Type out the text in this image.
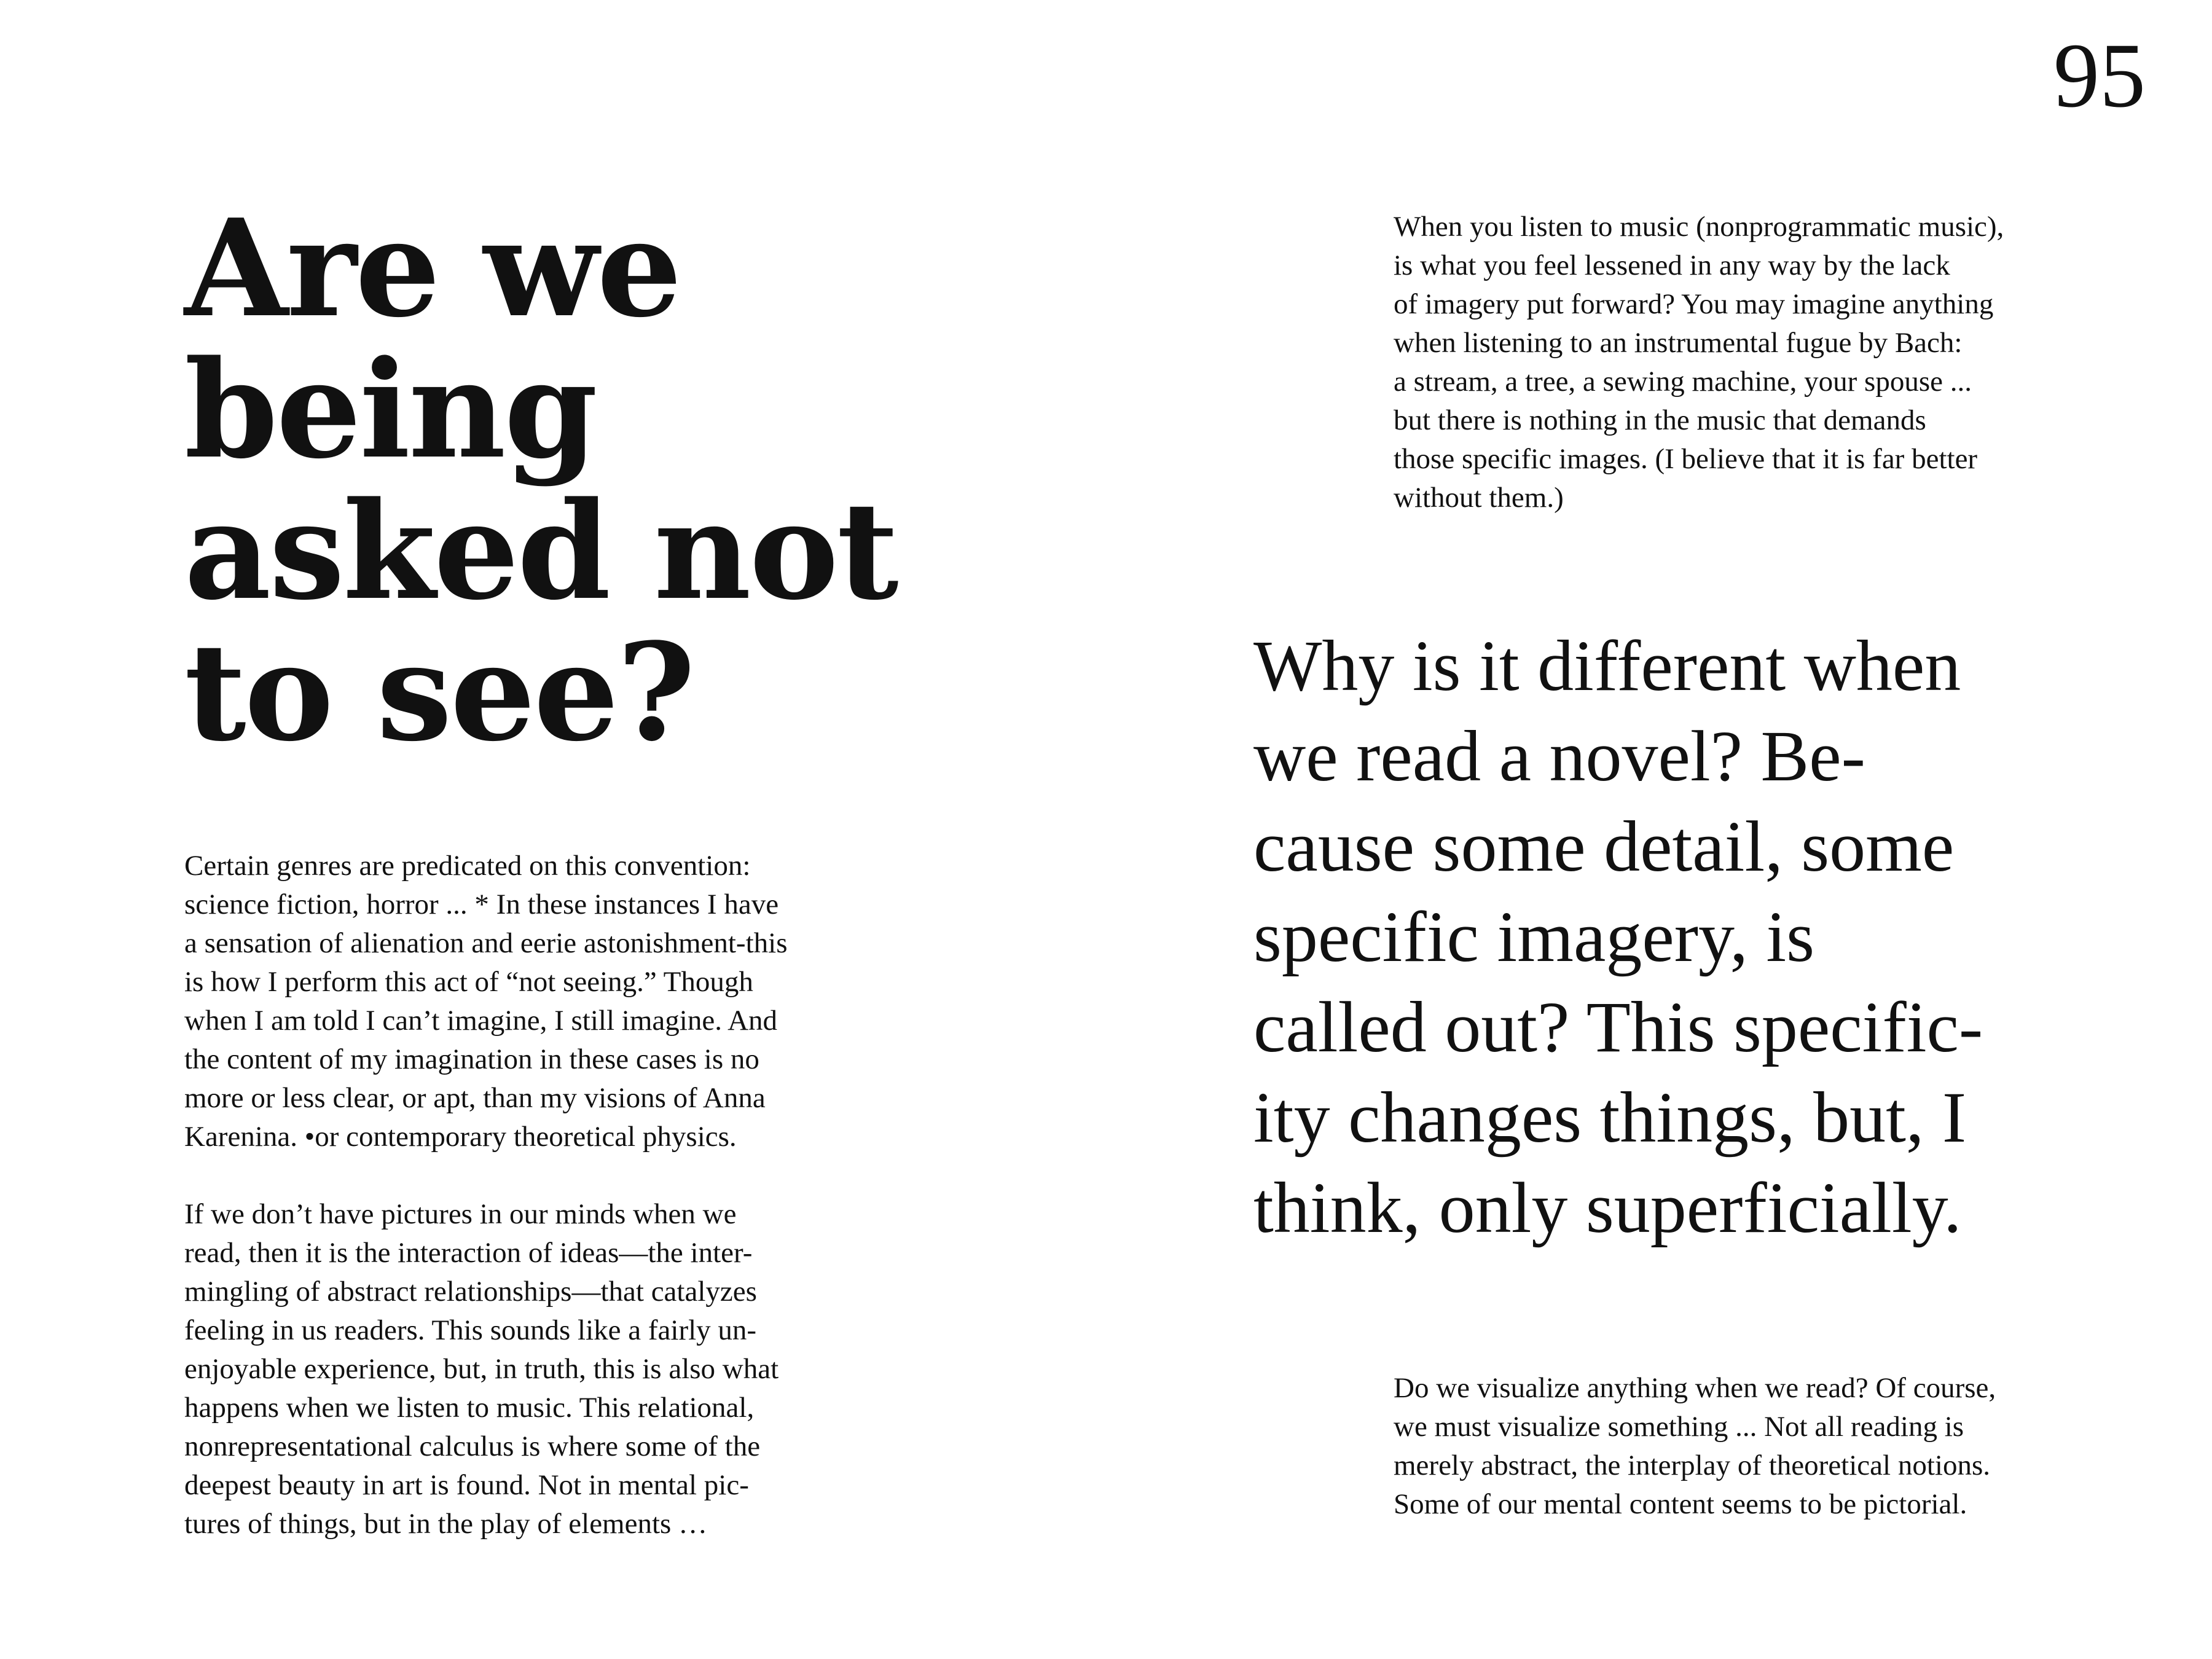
95
Are we
being
asked not
to see?

Certain genres are predicated on this convention:
science fiction, horror ... * In these instances I have
a sensation of alienation and eerie astonishment-this
is how I perform this act of “not seeing.” Though
when I am told I can’t imagine, I still imagine. And
the content of my imagination in these cases is no
more or less clear, or apt, than my visions of Anna
Karenina. •or contemporary theoretical physics.

If we don’t have pictures in our minds when we
read, then it is the interaction of ideas—the inter-
mingling of abstract relationships—that catalyzes
feeling in us readers. This sounds like a fairly un-
enjoyable experience, but, in truth, this is also what
happens when we listen to music. This relational,
nonrepresentational calculus is where some of the
deepest beauty in art is found. Not in mental pic-
tures of things, but in the play of elements …

When you listen to music (nonprogrammatic music),
is what you feel lessened in any way by the lack
of imagery put forward? You may imagine anything
when listening to an instrumental fugue by Bach:
a stream, a tree, a sewing machine, your spouse ...
but there is nothing in the music that demands
those specific images. (I believe that it is far better
without them.)

Why is it different when
we read a novel? Be-
cause some detail, some
specific imagery, is
called out? This specific-
ity changes things, but, I
think, only superficially.

Do we visualize anything when we read? Of course,
we must visualize something ... Not all reading is
merely abstract, the interplay of theoretical notions.
Some of our mental content seems to be pictorial.
